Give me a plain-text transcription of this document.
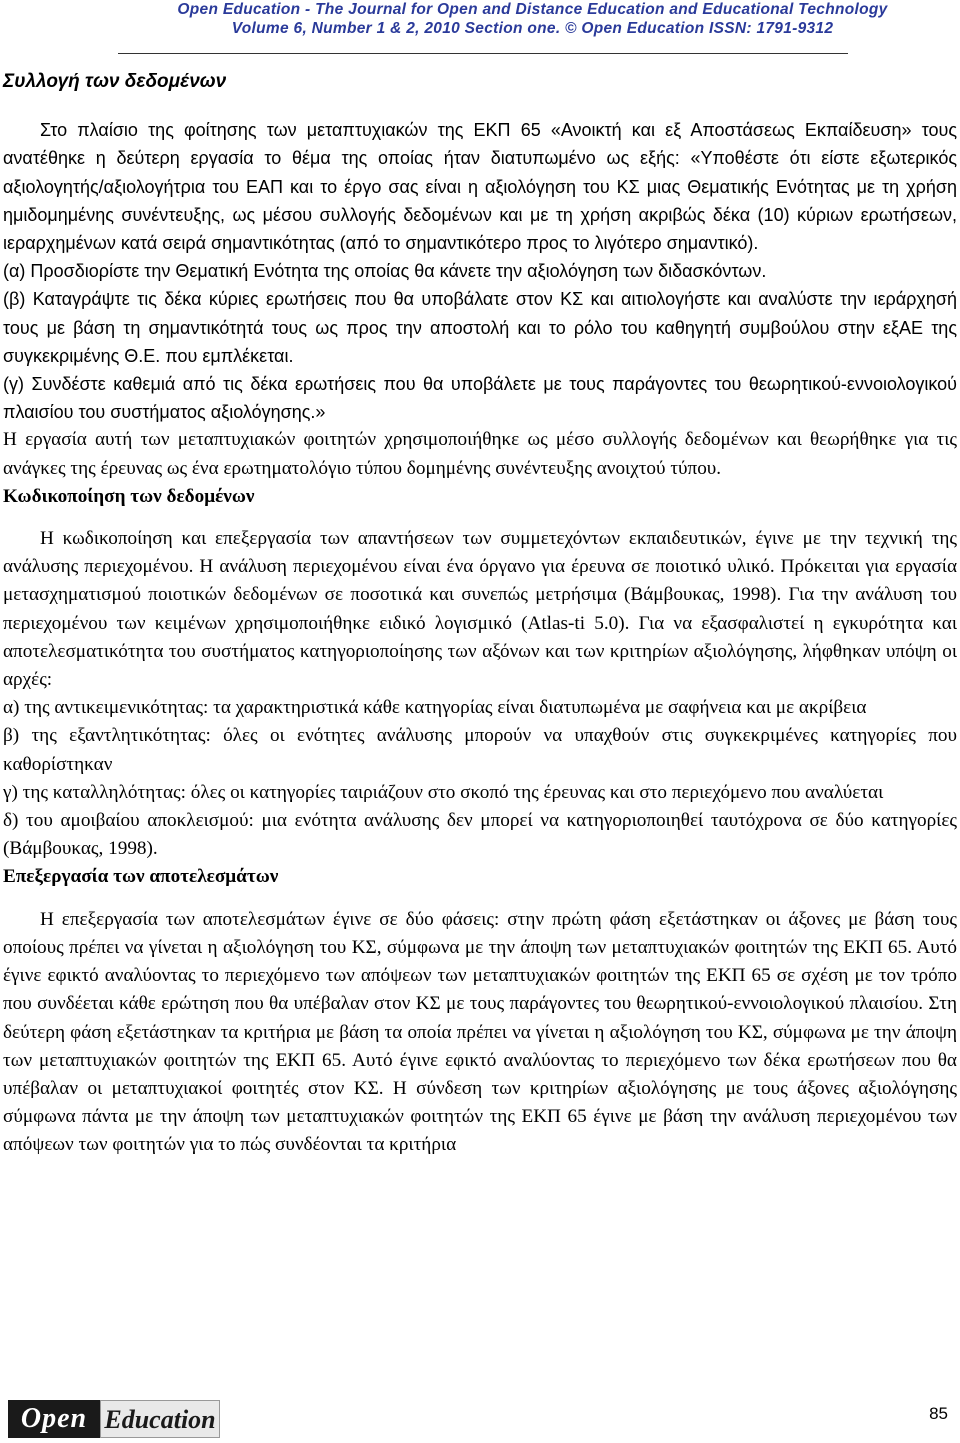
Open Education - The Journal for Open and Distance Education and Educational Technology
Volume 6, Number 1 & 2, 2010 Section one. © Open Education ISSN: 1791-9312

Συλλογή των δεδομένων

Στο πλαίσιο της φοίτησης των μεταπτυχιακών της ΕΚΠ 65 «Ανοικτή και εξ Αποστάσεως Εκπαίδευση» τους ανατέθηκε η δεύτερη εργασία το θέμα της οποίας ήταν διατυπωμένο ως εξής: «Υποθέστε ότι είστε εξωτερικός αξιολογητής/αξιολογήτρια του ΕΑΠ και το έργο σας είναι η αξιολόγηση του ΚΣ μιας Θεματικής Ενότητας με τη χρήση ημιδομημένης συνέντευξης, ως μέσου συλλογής δεδομένων και με τη χρήση ακριβώς δέκα (10) κύριων ερωτήσεων, ιεραρχημένων κατά σειρά σημαντικότητας (από το σημαντικότερο προς το λιγότερο σημαντικό).

(α) Προσδιορίστε την Θεματική Ενότητα της οποίας θα κάνετε την αξιολόγηση των διδασκόντων.

(β) Καταγράψτε τις δέκα κύριες ερωτήσεις που θα υποβάλατε στον ΚΣ και αιτιολογήστε και αναλύστε την ιεράρχησή τους με βάση τη σημαντικότητά τους ως προς την αποστολή και το ρόλο του καθηγητή συμβούλου στην εξΑΕ της συγκεκριμένης Θ.Ε. που εμπλέκεται.

(γ) Συνδέστε καθεμιά από τις δέκα ερωτήσεις που θα υποβάλετε με τους παράγοντες του θεωρητικού-εννοιολογικού πλαισίου του συστήματος αξιολόγησης.»

Η εργασία αυτή των μεταπτυχιακών φοιτητών χρησιμοποιήθηκε ως μέσο συλλογής δεδομένων και θεωρήθηκε για τις ανάγκες της έρευνας ως ένα ερωτηματολόγιο τύπου δομημένης συνέντευξης ανοιχτού τύπου.

Κωδικοποίηση των δεδομένων

Η κωδικοποίηση και επεξεργασία των απαντήσεων των συμμετεχόντων εκπαιδευτικών, έγινε με την τεχνική της ανάλυσης περιεχομένου. Η ανάλυση περιεχομένου είναι ένα όργανο για έρευνα σε ποιοτικό υλικό. Πρόκειται για εργασία μετασχηματισμού ποιοτικών δεδομένων σε ποσοτικά και συνεπώς μετρήσιμα (Βάμβουκας, 1998). Για την ανάλυση του περιεχομένου των κειμένων χρησιμοποιήθηκε ειδικό λογισμικό (Atlas-ti 5.0). Για να εξασφαλιστεί η εγκυρότητα και αποτελεσματικότητα του συστήματος κατηγοριοποίησης των αξόνων και των κριτηρίων αξιολόγησης, λήφθηκαν υπόψη οι αρχές:

α) της αντικειμενικότητας: τα χαρακτηριστικά κάθε κατηγορίας είναι διατυπωμένα με σαφήνεια και με ακρίβεια

β) της εξαντλητικότητας: όλες οι ενότητες ανάλυσης μπορούν να υπαχθούν στις συγκεκριμένες κατηγορίες που καθορίστηκαν

γ) της καταλληλότητας: όλες οι κατηγορίες ταιριάζουν στο σκοπό της έρευνας και στο περιεχόμενο που αναλύεται

δ) του αμοιβαίου αποκλεισμού: μια ενότητα ανάλυσης δεν μπορεί να κατηγοριοποιηθεί ταυτόχρονα σε δύο κατηγορίες (Βάμβουκας, 1998).

Επεξεργασία των αποτελεσμάτων

Η επεξεργασία των αποτελεσμάτων έγινε σε δύο φάσεις: στην πρώτη φάση εξετάστηκαν οι άξονες με βάση τους οποίους πρέπει να γίνεται η αξιολόγηση του ΚΣ, σύμφωνα με την άποψη των μεταπτυχιακών φοιτητών της ΕΚΠ 65. Αυτό έγινε εφικτό αναλύοντας το περιεχόμενο των απόψεων των μεταπτυχιακών φοιτητών της ΕΚΠ 65 σε σχέση με τον τρόπο που συνδέεται κάθε ερώτηση που θα υπέβαλαν στον ΚΣ με τους παράγοντες του θεωρητικού-εννοιολογικού πλαισίου. Στη δεύτερη φάση εξετάστηκαν τα κριτήρια με βάση τα οποία πρέπει να γίνεται η αξιολόγηση του ΚΣ, σύμφωνα με την άποψη των μεταπτυχιακών φοιτητών της ΕΚΠ 65. Αυτό έγινε εφικτό αναλύοντας το περιεχόμενο των δέκα ερωτήσεων που θα υπέβαλαν οι μεταπτυχιακοί φοιτητές στον ΚΣ. Η σύνδεση των κριτηρίων αξιολόγησης με τους άξονες αξιολόγησης σύμφωνα πάντα με την άποψη των μεταπτυχιακών φοιτητών της ΕΚΠ 65 έγινε με βάση την ανάλυση περιεχομένου των απόψεων των φοιτητών για το πώς συνδέονται τα κριτήρια

Open Education	85
